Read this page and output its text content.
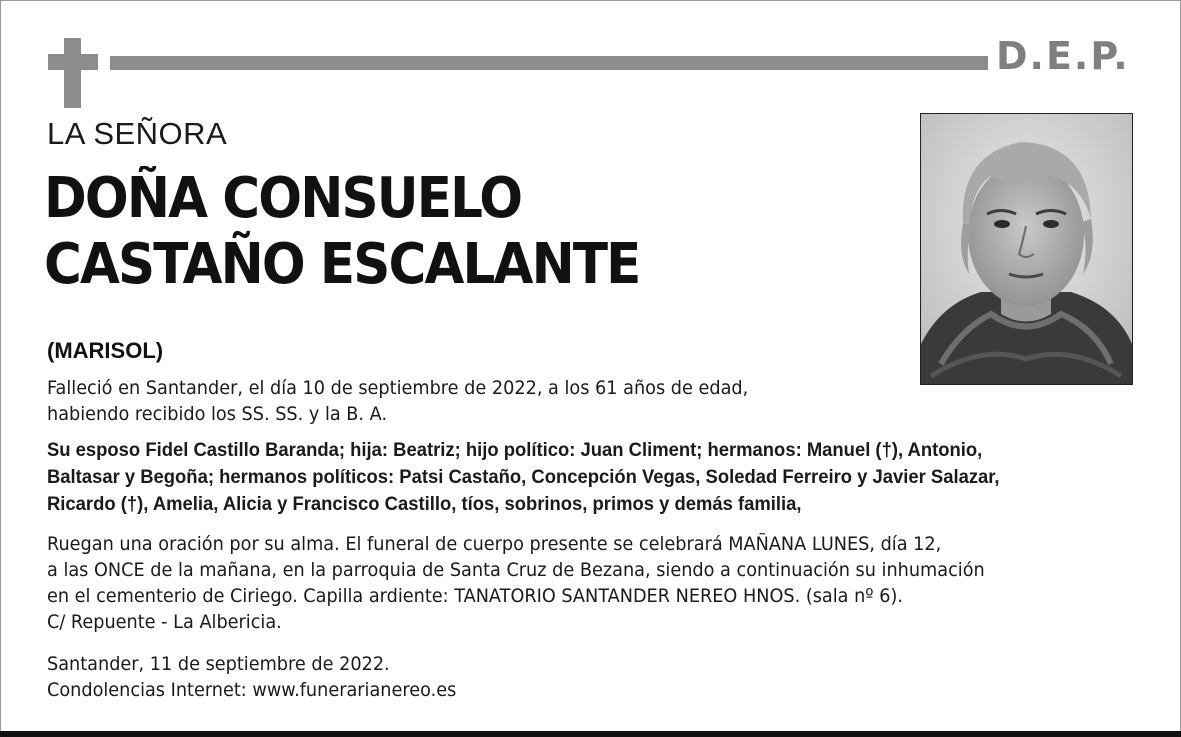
D.E.P.
LA SEÑORA
DOÑA CONSUELO
CASTAÑO ESCALANTE
(MARISOL)
Falleció en Santander, el día 10 de septiembre de 2022, a los 61 años de edad,
habiendo recibido los SS. SS. y la B. A.
Su esposo Fidel Castillo Baranda; hija: Beatriz; hijo político: Juan Climent; hermanos: Manuel (†), Antonio,
Baltasar y Begoña; hermanos políticos: Patsi Castaño, Concepción Vegas, Soledad Ferreiro y Javier Salazar,
Ricardo (†), Amelia, Alicia y Francisco Castillo, tíos, sobrinos, primos y demás familia,
Ruegan una oración por su alma. El funeral de cuerpo presente se celebrará MAÑANA LUNES, día 12,
a las ONCE de la mañana, en la parroquia de Santa Cruz de Bezana, siendo a continuación su inhumación
en el cementerio de Ciriego. Capilla ardiente: TANATORIO SANTANDER NEREO HNOS. (sala nº 6).
C/ Repuente - La Albericia.
Santander, 11 de septiembre de 2022.
Condolencias Internet: www.funerarianereo.es
